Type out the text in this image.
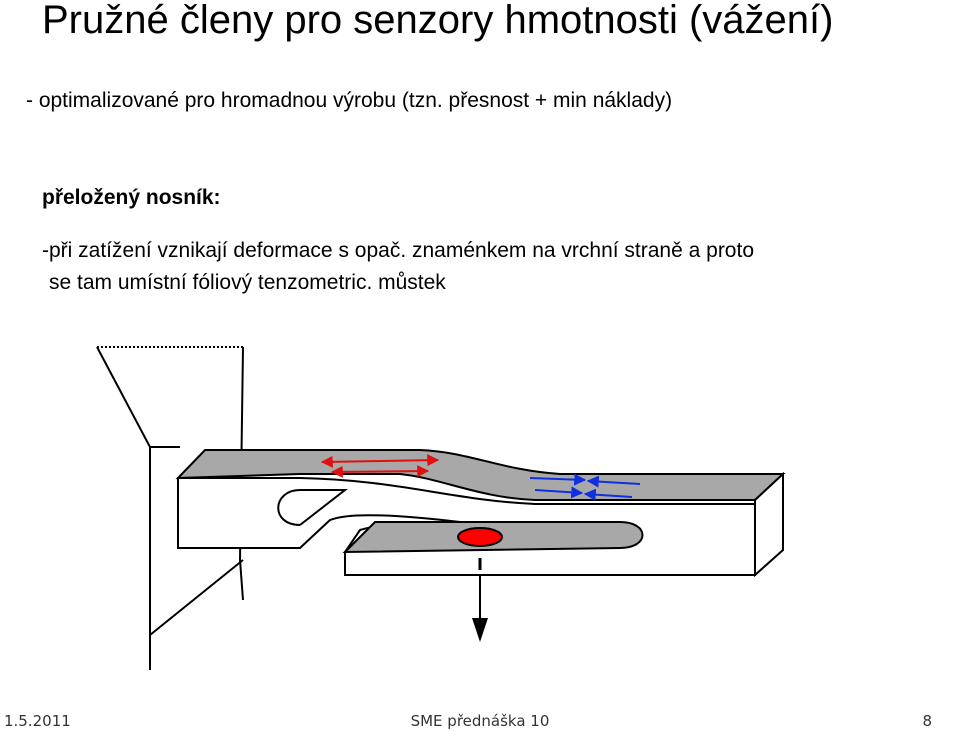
Pružné členy pro senzory hmotnosti (vážení)
- optimalizované pro hromadnou výrobu (tzn. přesnost + min náklady)
přeložený nosník:
-při zatížení vznikají deformace s opač. znaménkem na vrchní straně a proto
se tam umístní fóliový tenzometric. můstek
1.5.2011	SME přednáška 10	8
